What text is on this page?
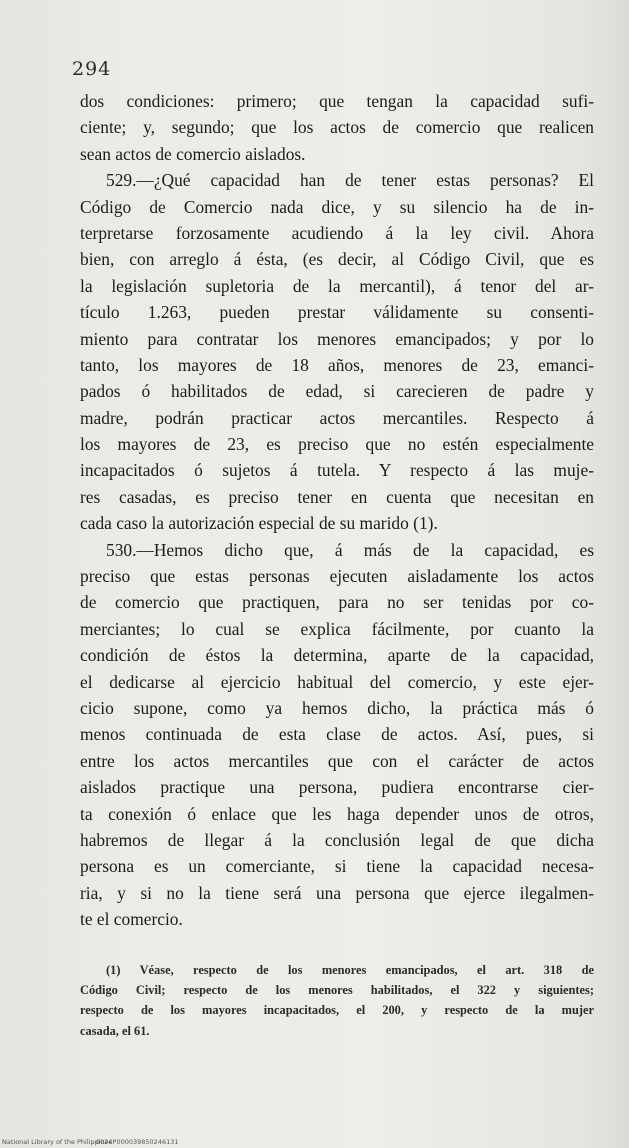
294
dos condiciones: primero; que tengan la capacidad sufi-
ciente; y, segundo; que los actos de comercio que realicen
sean actos de comercio aislados.
529.—¿Qué capacidad han de tener estas personas? El
Código de Comercio nada dice, y su silencio ha de in-
terpretarse forzosamente acudiendo á la ley civil. Ahora
bien, con arreglo á ésta, (es decir, al Código Civil, que es
la legislación supletoria de la mercantil), á tenor del ar-
tículo 1.263, pueden prestar válidamente su consenti-
miento para contratar los menores emancipados; y por lo
tanto, los mayores de 18 años, menores de 23, emanci-
pados ó habilitados de edad, si carecieren de padre y
madre, podrán practicar actos mercantiles. Respecto á
los mayores de 23, es preciso que no estén especialmente
incapacitados ó sujetos á tutela. Y respecto á las muje-
res casadas, es preciso tener en cuenta que necesitan en
cada caso la autorización especial de su marido (1).
530.—Hemos dicho que, á más de la capacidad, es
preciso que estas personas ejecuten aisladamente los actos
de comercio que practiquen, para no ser tenidas por co-
merciantes; lo cual se explica fácilmente, por cuanto la
condición de éstos la determina, aparte de la capacidad,
el dedicarse al ejercicio habitual del comercio, y este ejer-
cicio supone, como ya hemos dicho, la práctica más ó
menos continuada de esta clase de actos. Así, pues, si
entre los actos mercantiles que con el carácter de actos
aislados practique una persona, pudiera encontrarse cier-
ta conexión ó enlace que les haga depender unos de otros,
habremos de llegar á la conclusión legal de que dicha
persona es un comerciante, si tiene la capacidad necesa-
ria, y si no la tiene será una persona que ejerce ilegalmen-
te el comercio.
(1) Véase, respecto de los menores emancipados, el art. 318 de
Código Civil; respecto de los menores habilitados, el 322 y siguientes;
respecto de los mayores incapacitados, el 200, y respecto de la mujer
casada, el 61.
National Library of the Philippines
0024P000039850246131
